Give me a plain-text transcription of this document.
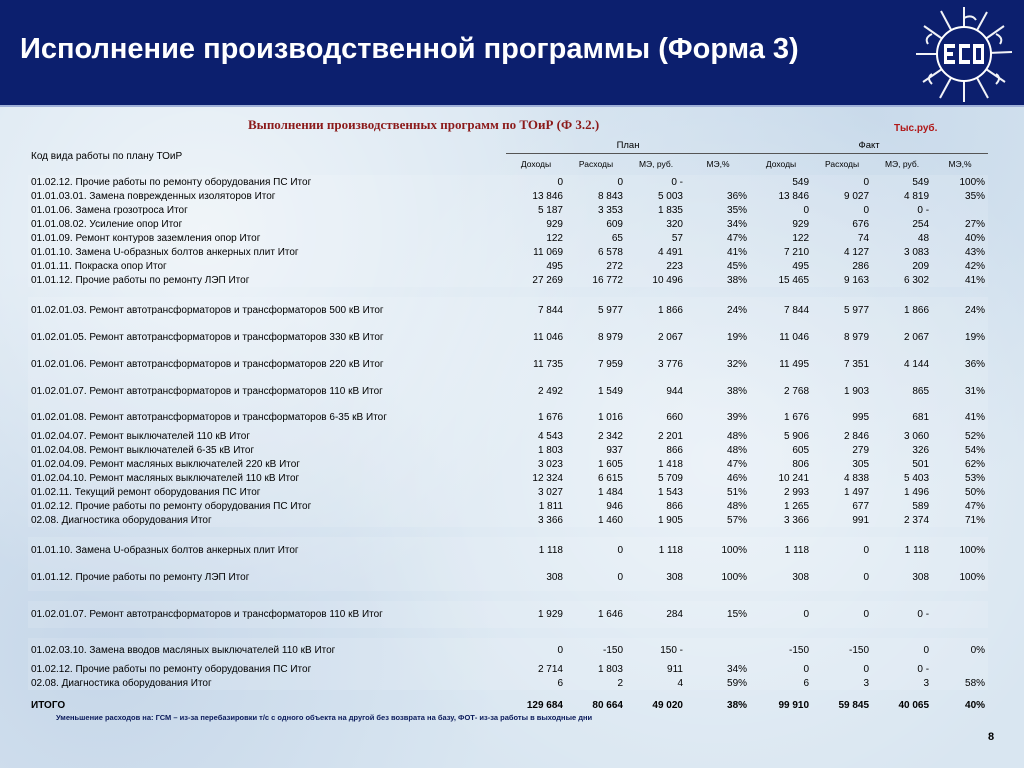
Исполнение производственной программы (Форма 3)
Выполнении производственных программ по ТОиР (Ф 3.2.)	Тыс.руб.
Код вида работы по плану ТОиР	План				Факт			
	Доходы	Расходы	МЭ, руб.	МЭ,%	Доходы	Расходы	МЭ, руб.	МЭ,%
01.02.12. Прочие работы по ремонту оборудования ПС Итог	0	0	0 -		549	0	549	100%
01.01.03.01. Замена поврежденных изоляторов Итог	13 846	8 843	5 003	36%	13 846	9 027	4 819	35%
01.01.06. Замена грозотроса Итог	5 187	3 353	1 835	35%	0	0	0 -	
01.01.08.02. Усиление опор Итог	929	609	320	34%	929	676	254	27%
01.01.09. Ремонт контуров заземления опор Итог	122	65	57	47%	122	74	48	40%
01.01.10. Замена U-образных болтов анкерных плит Итог	11 069	6 578	4 491	41%	7 210	4 127	3 083	43%
01.01.11. Покраска опор Итог	495	272	223	45%	495	286	209	42%
01.01.12. Прочие работы по ремонту ЛЭП Итог	27 269	16 772	10 496	38%	15 465	9 163	6 302	41%

01.02.01.03. Ремонт автотрансформаторов и трансформаторов 500 кВ Итог	7 844	5 977	1 866	24%	7 844	5 977	1 866	24%
01.02.01.05. Ремонт автотрансформаторов и трансформаторов 330 кВ Итог	11 046	8 979	2 067	19%	11 046	8 979	2 067	19%
01.02.01.06. Ремонт автотрансформаторов и трансформаторов 220 кВ Итог	11 735	7 959	3 776	32%	11 495	7 351	4 144	36%
01.02.01.07. Ремонт автотрансформаторов и трансформаторов 110 кВ Итог	2 492	1 549	944	38%	2 768	1 903	865	31%
01.02.01.08. Ремонт автотрансформаторов и трансформаторов 6-35 кВ Итог	1 676	1 016	660	39%	1 676	995	681	41%
01.02.04.07. Ремонт выключателей 110 кВ Итог	4 543	2 342	2 201	48%	5 906	2 846	3 060	52%
01.02.04.08. Ремонт выключателей 6-35 кВ Итог	1 803	937	866	48%	605	279	326	54%
01.02.04.09. Ремонт масляных выключателей 220 кВ Итог	3 023	1 605	1 418	47%	806	305	501	62%
01.02.04.10. Ремонт масляных выключателей 110 кВ Итог	12 324	6 615	5 709	46%	10 241	4 838	5 403	53%
01.02.11. Текущий ремонт оборудования ПС Итог	3 027	1 484	1 543	51%	2 993	1 497	1 496	50%
01.02.12. Прочие работы по ремонту оборудования ПС Итог	1 811	946	866	48%	1 265	677	589	47%
02.08. Диагностика оборудования Итог	3 366	1 460	1 905	57%	3 366	991	2 374	71%

01.01.10. Замена U-образных болтов анкерных плит Итог	1 118	0	1 118	100%	1 118	0	1 118	100%
01.01.12. Прочие работы по ремонту ЛЭП Итог	308	0	308	100%	308	0	308	100%

01.02.01.07. Ремонт автотрансформаторов и трансформаторов 110 кВ Итог	1 929	1 646	284	15%	0	0	0 -	

01.02.03.10. Замена вводов масляных выключателей 110 кВ Итог	0	-150	150 -		-150	-150	0	0%
01.02.12. Прочие работы по ремонту оборудования ПС Итог	2 714	1 803	911	34%	0	0	0 -	
02.08. Диагностика оборудования Итог	6	2	4	59%	6	3	3	58%
ИТОГО	129 684	80 664	49 020	38%	99 910	59 845	40 065	40%
Уменьшение расходов на: ГСМ – из-за перебазировки т/с с одного объекта на другой без возврата на базу, ФОТ- из-за работы в выходные дни
8
